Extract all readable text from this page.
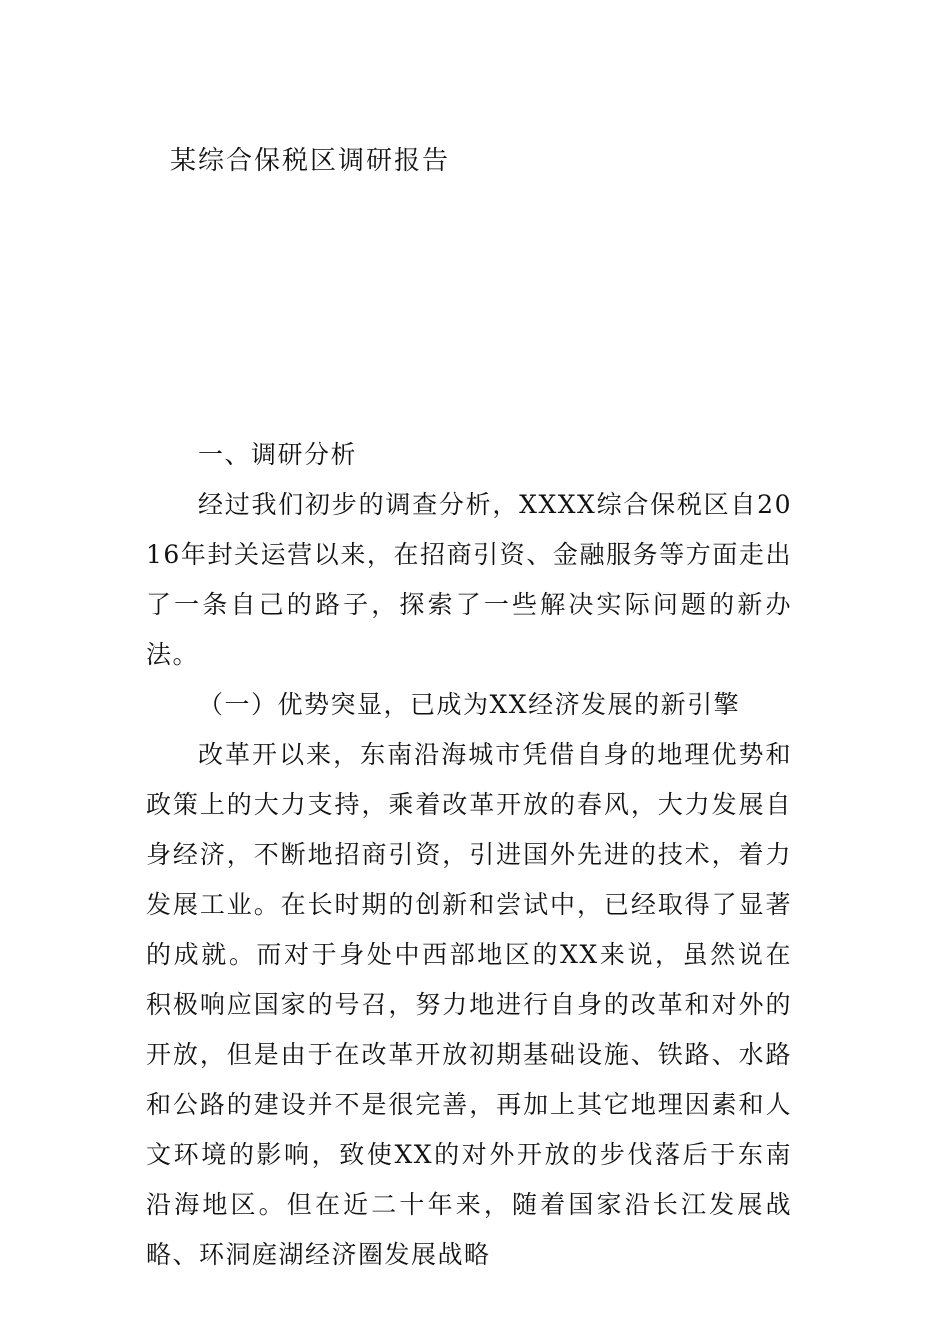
某综合保税区调研报告

一、调研分析

经过我们初步的调查分析，XXXX综合保税区自2016年封关运营以来，在招商引资、金融服务等方面走出了一条自己的路子，探索了一些解决实际问题的新办法。

（一）优势突显，已成为XX经济发展的新引擎

改革开以来，东南沿海城市凭借自身的地理优势和政策上的大力支持，乘着改革开放的春风，大力发展自身经济，不断地招商引资，引进国外先进的技术，着力发展工业。在长时期的创新和尝试中，已经取得了显著的成就。而对于身处中西部地区的XX来说，虽然说在积极响应国家的号召，努力地进行自身的改革和对外的开放，但是由于在改革开放初期基础设施、铁路、水路和公路的建设并不是很完善，再加上其它地理因素和人文环境的影响，致使XX的对外开放的步伐落后于东南沿海地区。但在近二十年来，随着国家沿长江发展战略、环洞庭湖经济圈发展战略
